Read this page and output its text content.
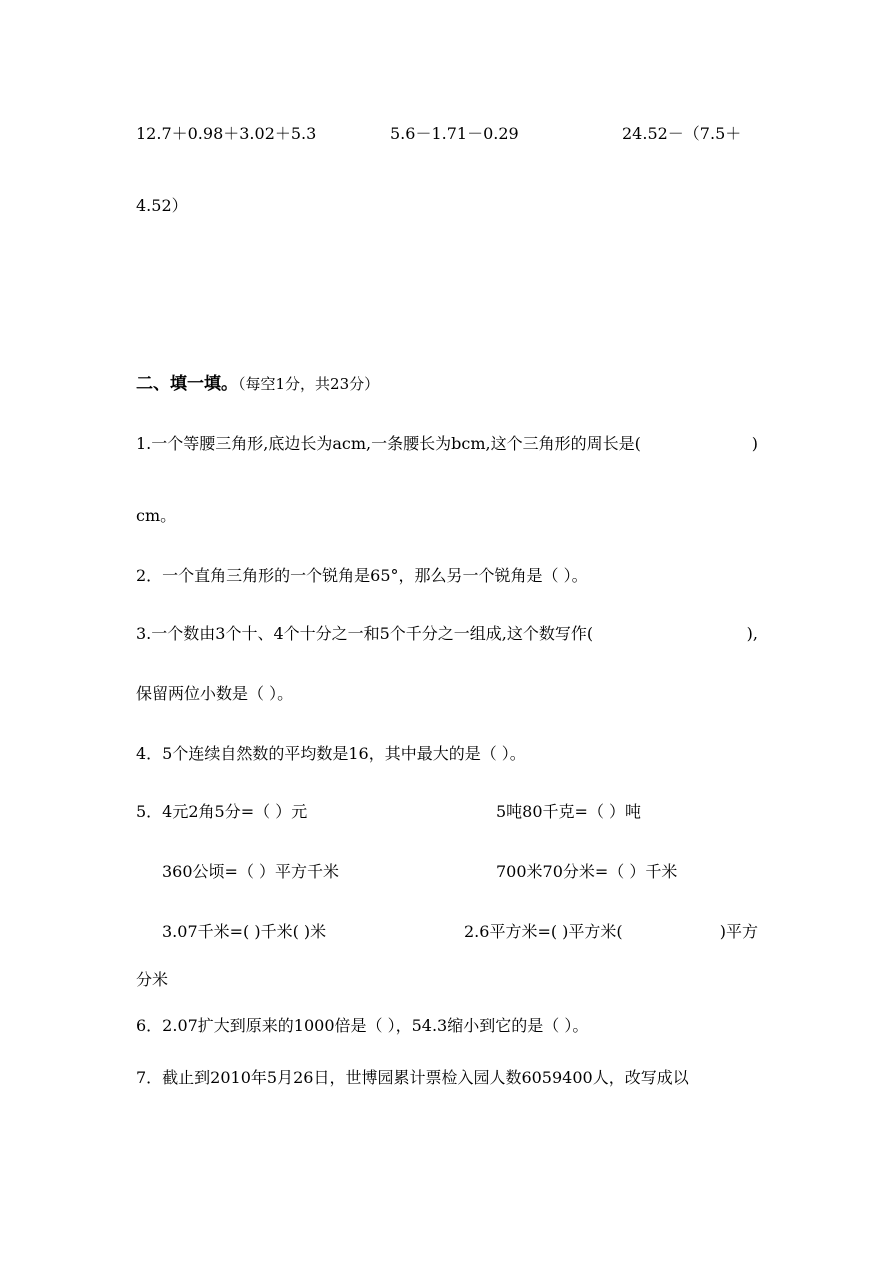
12.7＋0.98＋3.02＋5.3	5.6－1.71－0.29	24.52－（7.5＋
4.52）
二、填一填。（每空1分，共23分）
1.一个等腰三角形,底边长为acm,一条腰长为bcm,这个三角形的周长是(	)
cm。
2．一个直角三角形的一个锐角是65°，那么另一个锐角是（ ）。
3.一个数由3个十、4个十分之一和5个千分之一组成,这个数写作(	),
保留两位小数是（ ）。
4．5个连续自然数的平均数是16，其中最大的是（ ）。
5．4元2角5分=（ ）元	5吨80千克=（ ）吨
360公顷=（ ）平方千米	700米70分米=（ ）千米
3.07千米=( )千米( )米	2.6平方米=( )平方米(	)平方
分米
6．2.07扩大到原来的1000倍是（ ），54.3缩小到它的是（ ）。
7．截止到2010年5月26日，世博园累计票检入园人数6059400人，改写成以
